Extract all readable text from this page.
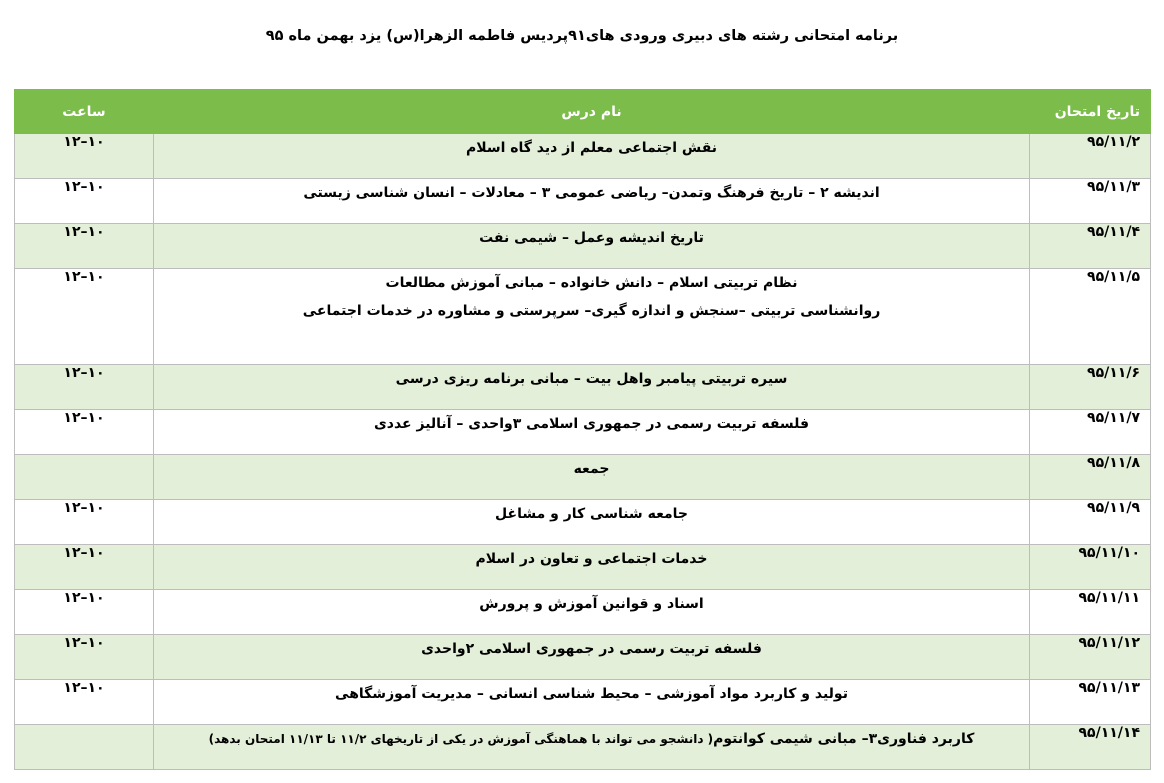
برنامه امتحانی رشته های دبیری ورودی های۹۱پردیس فاطمه الزهرا(س) یزد بهمن ماه ۹۵
تاریخ امتحان	نام درس	ساعت
۹۵/۱۱/۲	نقش اجتماعی معلم از دید گاه اسلام	۱۰–۱۲
۹۵/۱۱/۳	اندیشه ۲ – تاریخ فرهنگ وتمدن– ریاضی عمومی ۳ – معادلات – انسان شناسی زیستی	۱۰–۱۲
۹۵/۱۱/۴	تاریخ اندیشه وعمل – شیمی نفت	۱۰–۱۲
۹۵/۱۱/۵	نظام تربیتی اسلام – دانش خانواده – مبانی آموزش مطالعات
روانشناسی تربیتی –سنجش و اندازه گیری– سرپرستی و مشاوره در خدمات اجتماعی	۱۰–۱۲
۹۵/۱۱/۶	سیره تربیتی پیامبر واهل بیت – مبانی برنامه ریزی درسی	۱۰–۱۲
۹۵/۱۱/۷	فلسفه تربیت رسمی در جمهوری اسلامی ۳واحدی – آنالیز عددی	۱۰–۱۲
۹۵/۱۱/۸	جمعه	

۹۵/۱۱/۹	جامعه شناسی کار و مشاغل	۱۰–۱۲
۹۵/۱۱/۱۰	خدمات اجتماعی و تعاون در اسلام	۱۰–۱۲
۹۵/۱۱/۱۱	اسناد و قوانین آموزش و پرورش	۱۰–۱۲
۹۵/۱۱/۱۲	فلسفه تربیت رسمی در جمهوری اسلامی ۲واحدی	۱۰–۱۲
۹۵/۱۱/۱۳	تولید و کاربرد مواد آموزشی – محیط شناسی انسانی – مدیریت آموزشگاهی	۱۰–۱۲
۹۵/۱۱/۱۴	کاربرد فناوری۳– مبانی شیمی کوانتوم( دانشجو می تواند با هماهنگی آموزش در یکی از تاریخهای ۱۱/۲ تا ۱۱/۱۳ امتحان بدهد)	
